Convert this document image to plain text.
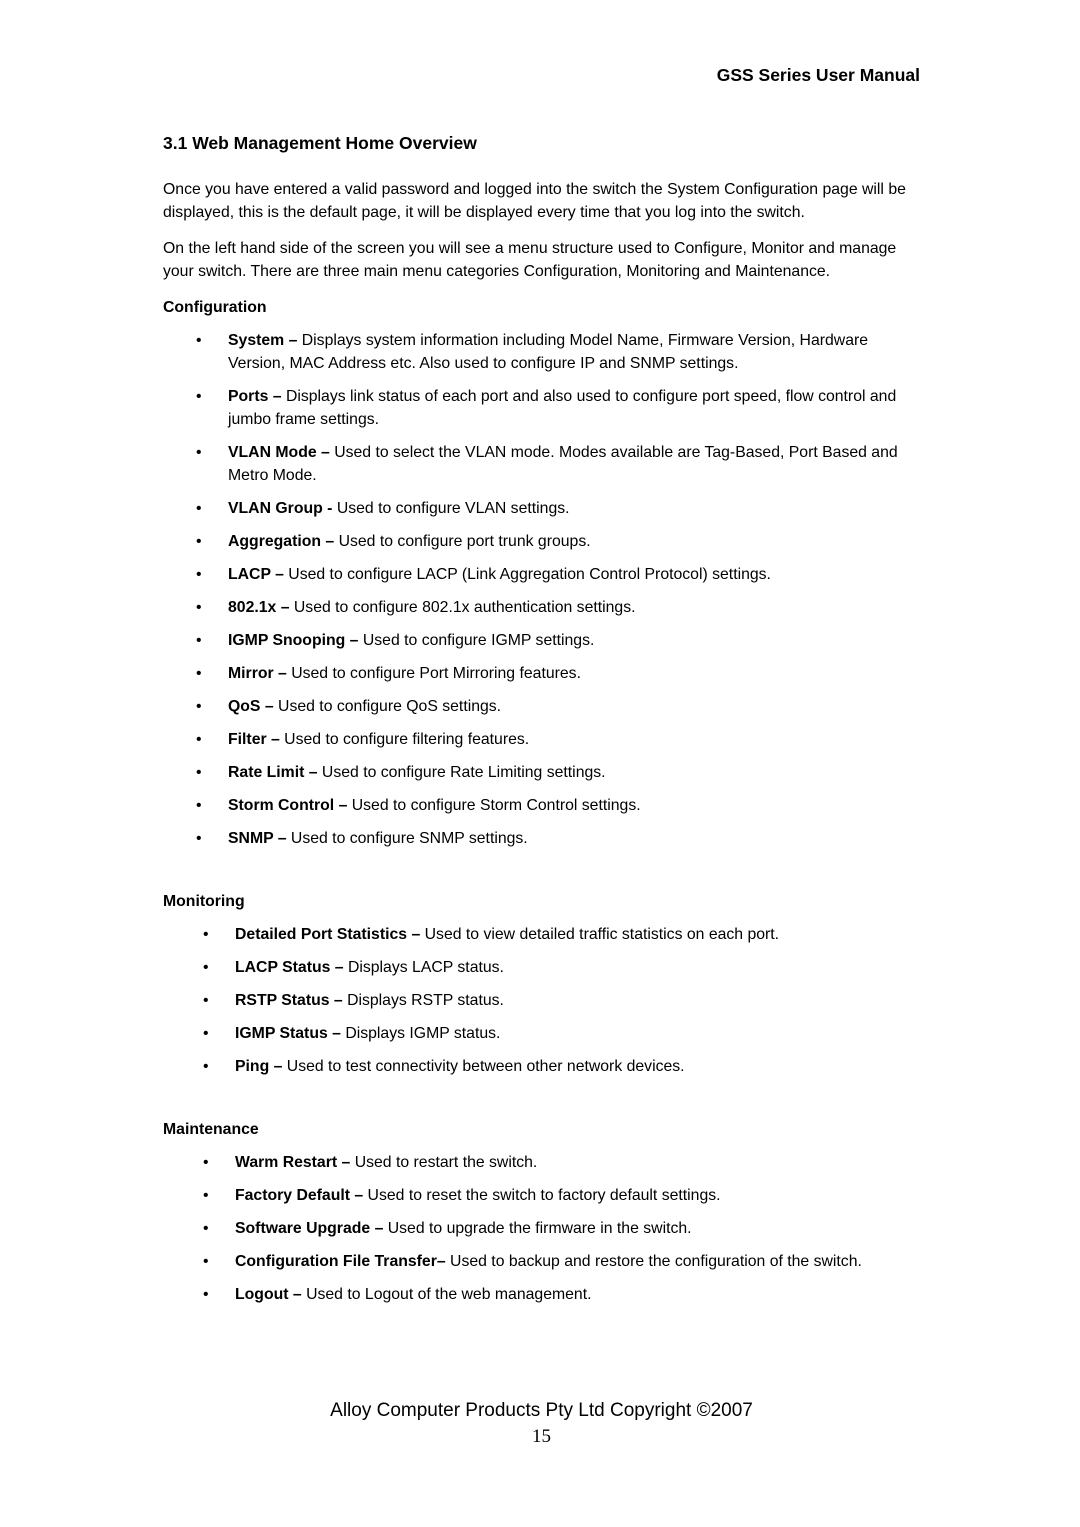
GSS Series User Manual
3.1 Web Management Home Overview

Once you have entered a valid password and logged into the switch the System Configuration page will be displayed, this is the default page, it will be displayed every time that you log into the switch.

On the left hand side of the screen you will see a menu structure used to Configure, Monitor and manage your switch. There are three main menu categories Configuration, Monitoring and Maintenance.

Configuration
• System – Displays system information including Model Name, Firmware Version, Hardware Version, MAC Address etc. Also used to configure IP and SNMP settings.
• Ports – Displays link status of each port and also used to configure port speed, flow control and jumbo frame settings.
• VLAN Mode – Used to select the VLAN mode. Modes available are Tag-Based, Port Based and Metro Mode.
• VLAN Group - Used to configure VLAN settings.
• Aggregation – Used to configure port trunk groups.
• LACP – Used to configure LACP (Link Aggregation Control Protocol) settings.
• 802.1x – Used to configure 802.1x authentication settings.
• IGMP Snooping – Used to configure IGMP settings.
• Mirror – Used to configure Port Mirroring features.
• QoS – Used to configure QoS settings.
• Filter – Used to configure filtering features.
• Rate Limit – Used to configure Rate Limiting settings.
• Storm Control – Used to configure Storm Control settings.
• SNMP – Used to configure SNMP settings.
Monitoring
• Detailed Port Statistics – Used to view detailed traffic statistics on each port.
• LACP Status – Displays LACP status.
• RSTP Status – Displays RSTP status.
• IGMP Status – Displays IGMP status.
• Ping – Used to test connectivity between other network devices.
Maintenance
• Warm Restart – Used to restart the switch.
• Factory Default – Used to reset the switch to factory default settings.
• Software Upgrade – Used to upgrade the firmware in the switch.
• Configuration File Transfer– Used to backup and restore the configuration of the switch.
• Logout – Used to Logout of the web management.
Alloy Computer Products Pty Ltd Copyright ©2007
15
